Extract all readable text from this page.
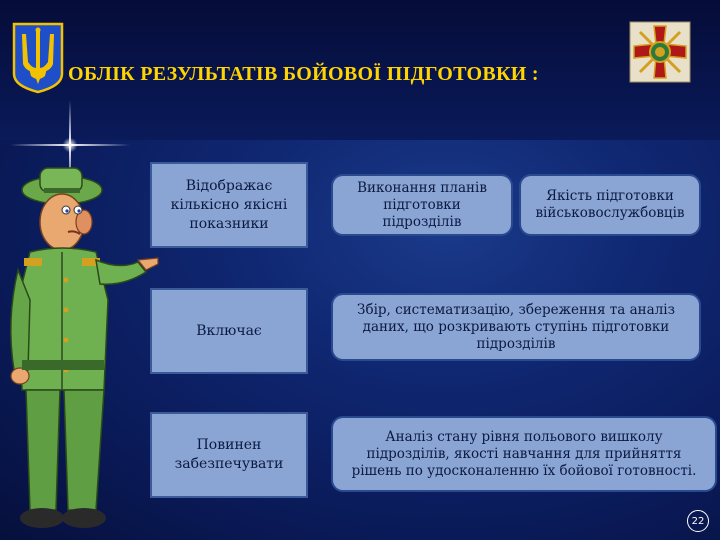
ОБЛІК РЕЗУЛЬТАТІВ БОЙОВОЇ ПІДГОТОВКИ :
Відображає кількісно якісні показники
Виконання планів підготовки підрозділів
Якість підготовки військовослужбовців
Включає
Збір, систематизацію, збереження та аналіз даних, що розкривають ступінь підготовки підрозділів
Повинен забезпечувати
Аналіз стану рівня польового вишколу підрозділів, якості навчання для прийняття рішень по удосконаленню їх бойової готовності.
22
